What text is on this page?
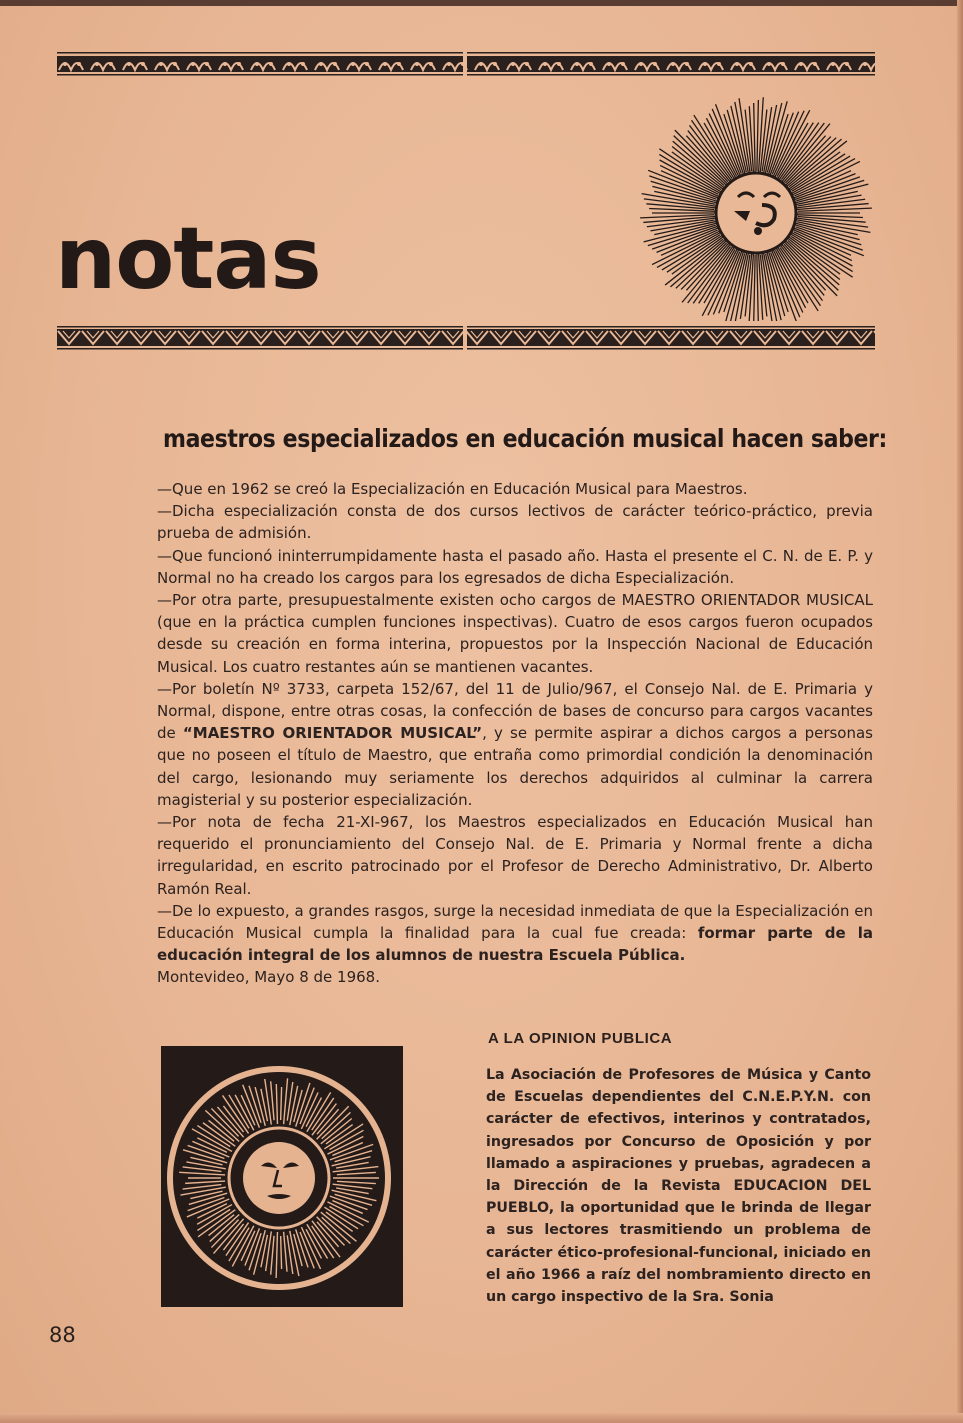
notas
maestros especializados en educación musical hacen saber:

—Que en 1962 se creó la Especialización en Educación Musical para Maestros.

—Dicha especialización consta de dos cursos lectivos de carácter teórico-práctico, previa prueba de admisión.

—Que funcionó ininterrumpidamente hasta el pasado año. Hasta el presente el C. N. de E. P. y Normal no ha creado los cargos para los egresados de dicha Especialización.

—Por otra parte, presupuestalmente existen ocho cargos de MAESTRO ORIENTADOR MUSICAL (que en la práctica cumplen funciones inspectivas). Cuatro de esos cargos fueron ocupados desde su creación en forma interina, propuestos por la Inspección Nacional de Educación Musical. Los cuatro restantes aún se mantienen vacantes.

—Por boletín Nº 3733, carpeta 152/67, del 11 de Julio/967, el Consejo Nal. de E. Primaria y Normal, dispone, entre otras cosas, la confección de bases de concurso para cargos vacantes de “MAESTRO ORIENTADOR MUSICAL”, y se permite aspirar a dichos cargos a personas que no poseen el título de Maestro, que entraña como primordial condición la denominación del cargo, lesionando muy seriamente los derechos adquiridos al culminar la carrera magisterial y su posterior especialización.

—Por nota de fecha 21-XI-967, los Maestros especializados en Educación Musical han requerido el pronunciamiento del Consejo Nal. de E. Primaria y Normal frente a dicha irregularidad, en escrito patrocinado por el Profesor de Derecho Administrativo, Dr. Alberto Ramón Real.

—De lo expuesto, a grandes rasgos, surge la necesidad inmediata de que la Especialización en Educación Musical cumpla la finalidad para la cual fue creada: formar parte de la educación integral de los alumnos de nuestra Escuela Pública.

Montevideo, Mayo 8 de 1968.

A LA OPINION PUBLICA

La Asociación de Profesores de Música y Canto de Escuelas dependientes del C.N.E.P.Y.N. con carácter de efectivos, interinos y contratados, ingresados por Concurso de Oposición y por llamado a aspiraciones y pruebas, agradecen a la Dirección de la Revista EDUCACION DEL PUEBLO, la oportunidad que le brinda de llegar a sus lectores trasmitiendo un problema de carácter ético-profesional-funcional, iniciado en el año 1966 a raíz del nombramiento directo en un cargo inspectivo de la Sra. Sonia

88
